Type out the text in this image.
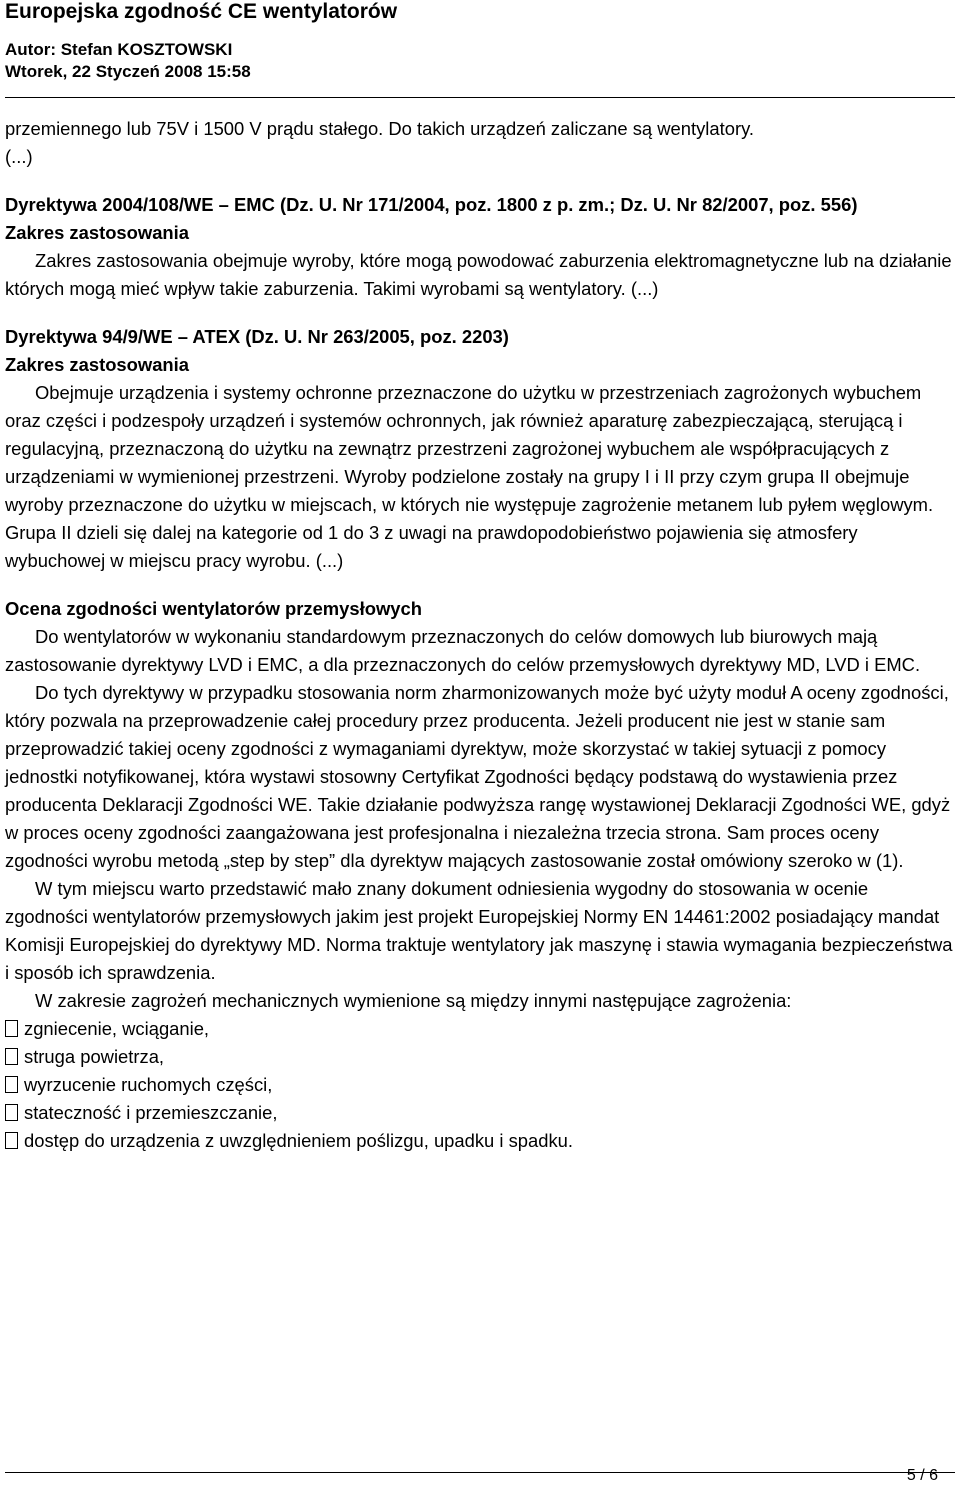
Europejska zgodność CE wentylatorów
Autor: Stefan KOSZTOWSKI
Wtorek, 22 Styczeń 2008 15:58

przemiennego lub 75V i 1500 V prądu stałego. Do takich urządzeń zaliczane są wentylatory.

(...)

Dyrektywa 2004/108/WE – EMC (Dz. U. Nr 171/2004, poz. 1800 z p. zm.; Dz. U. Nr 82/2007, poz. 556)

Zakres zastosowania

Zakres zastosowania obejmuje wyroby, które mogą powodować zaburzenia elektromagnetyczne lub na działanie których mogą mieć wpływ takie zaburzenia. Takimi wyrobami są wentylatory. (...)

Dyrektywa 94/9/WE – ATEX (Dz. U. Nr 263/2005, poz. 2203)

Zakres zastosowania

Obejmuje urządzenia i systemy ochronne przeznaczone do użytku w przestrzeniach zagrożonych wybuchem oraz części i podzespoły urządzeń i systemów ochronnych, jak również aparaturę zabezpieczającą, sterującą i regulacyjną, przeznaczoną do użytku na zewnątrz przestrzeni zagrożonej wybuchem ale współpracujących z urządzeniami w wymienionej przestrzeni. Wyroby podzielone zostały na grupy I i II przy czym grupa II obejmuje wyroby przeznaczone do użytku w miejscach, w których nie występuje zagrożenie metanem lub pyłem węglowym. Grupa II dzieli się dalej na kategorie od 1 do 3 z uwagi na prawdopodobieństwo pojawienia się atmosfery wybuchowej w miejscu pracy wyrobu. (...)

Ocena zgodności wentylatorów przemysłowych

Do wentylatorów w wykonaniu standardowym przeznaczonych do celów domowych lub biurowych mają zastosowanie dyrektywy LVD i EMC, a dla przeznaczonych do celów przemysłowych dyrektywy MD, LVD i EMC.

Do tych dyrektywy w przypadku stosowania norm zharmonizowanych może być użyty moduł A oceny zgodności, który pozwala na przeprowadzenie całej procedury przez producenta. Jeżeli producent nie jest w stanie sam przeprowadzić takiej oceny zgodności z wymaganiami dyrektyw, może skorzystać w takiej sytuacji z pomocy jednostki notyfikowanej, która wystawi stosowny Certyfikat Zgodności będący podstawą do wystawienia przez producenta Deklaracji Zgodności WE. Takie działanie podwyższa rangę wystawionej Deklaracji Zgodności WE, gdyż w proces oceny zgodności zaangażowana jest profesjonalna i niezależna trzecia strona. Sam proces oceny zgodności wyrobu metodą „step by step” dla dyrektyw mających zastosowanie został omówiony szeroko w (1).

W tym miejscu warto przedstawić mało znany dokument odniesienia wygodny do stosowania w ocenie zgodności wentylatorów przemysłowych jakim jest projekt Europejskiej Normy EN 14461:2002 posiadający mandat Komisji Europejskiej do dyrektywy MD. Norma traktuje wentylatory jak maszynę i stawia wymagania bezpieczeństwa i sposób ich sprawdzenia.

W zakresie zagrożeń mechanicznych wymienione są między innymi następujące zagrożenia:

zgniecenie, wciąganie,
struga powietrza,
wyrzucenie ruchomych części,
stateczność i przemieszczanie,
dostęp do urządzenia z uwzględnieniem poślizgu, upadku i spadku.
5 / 6
